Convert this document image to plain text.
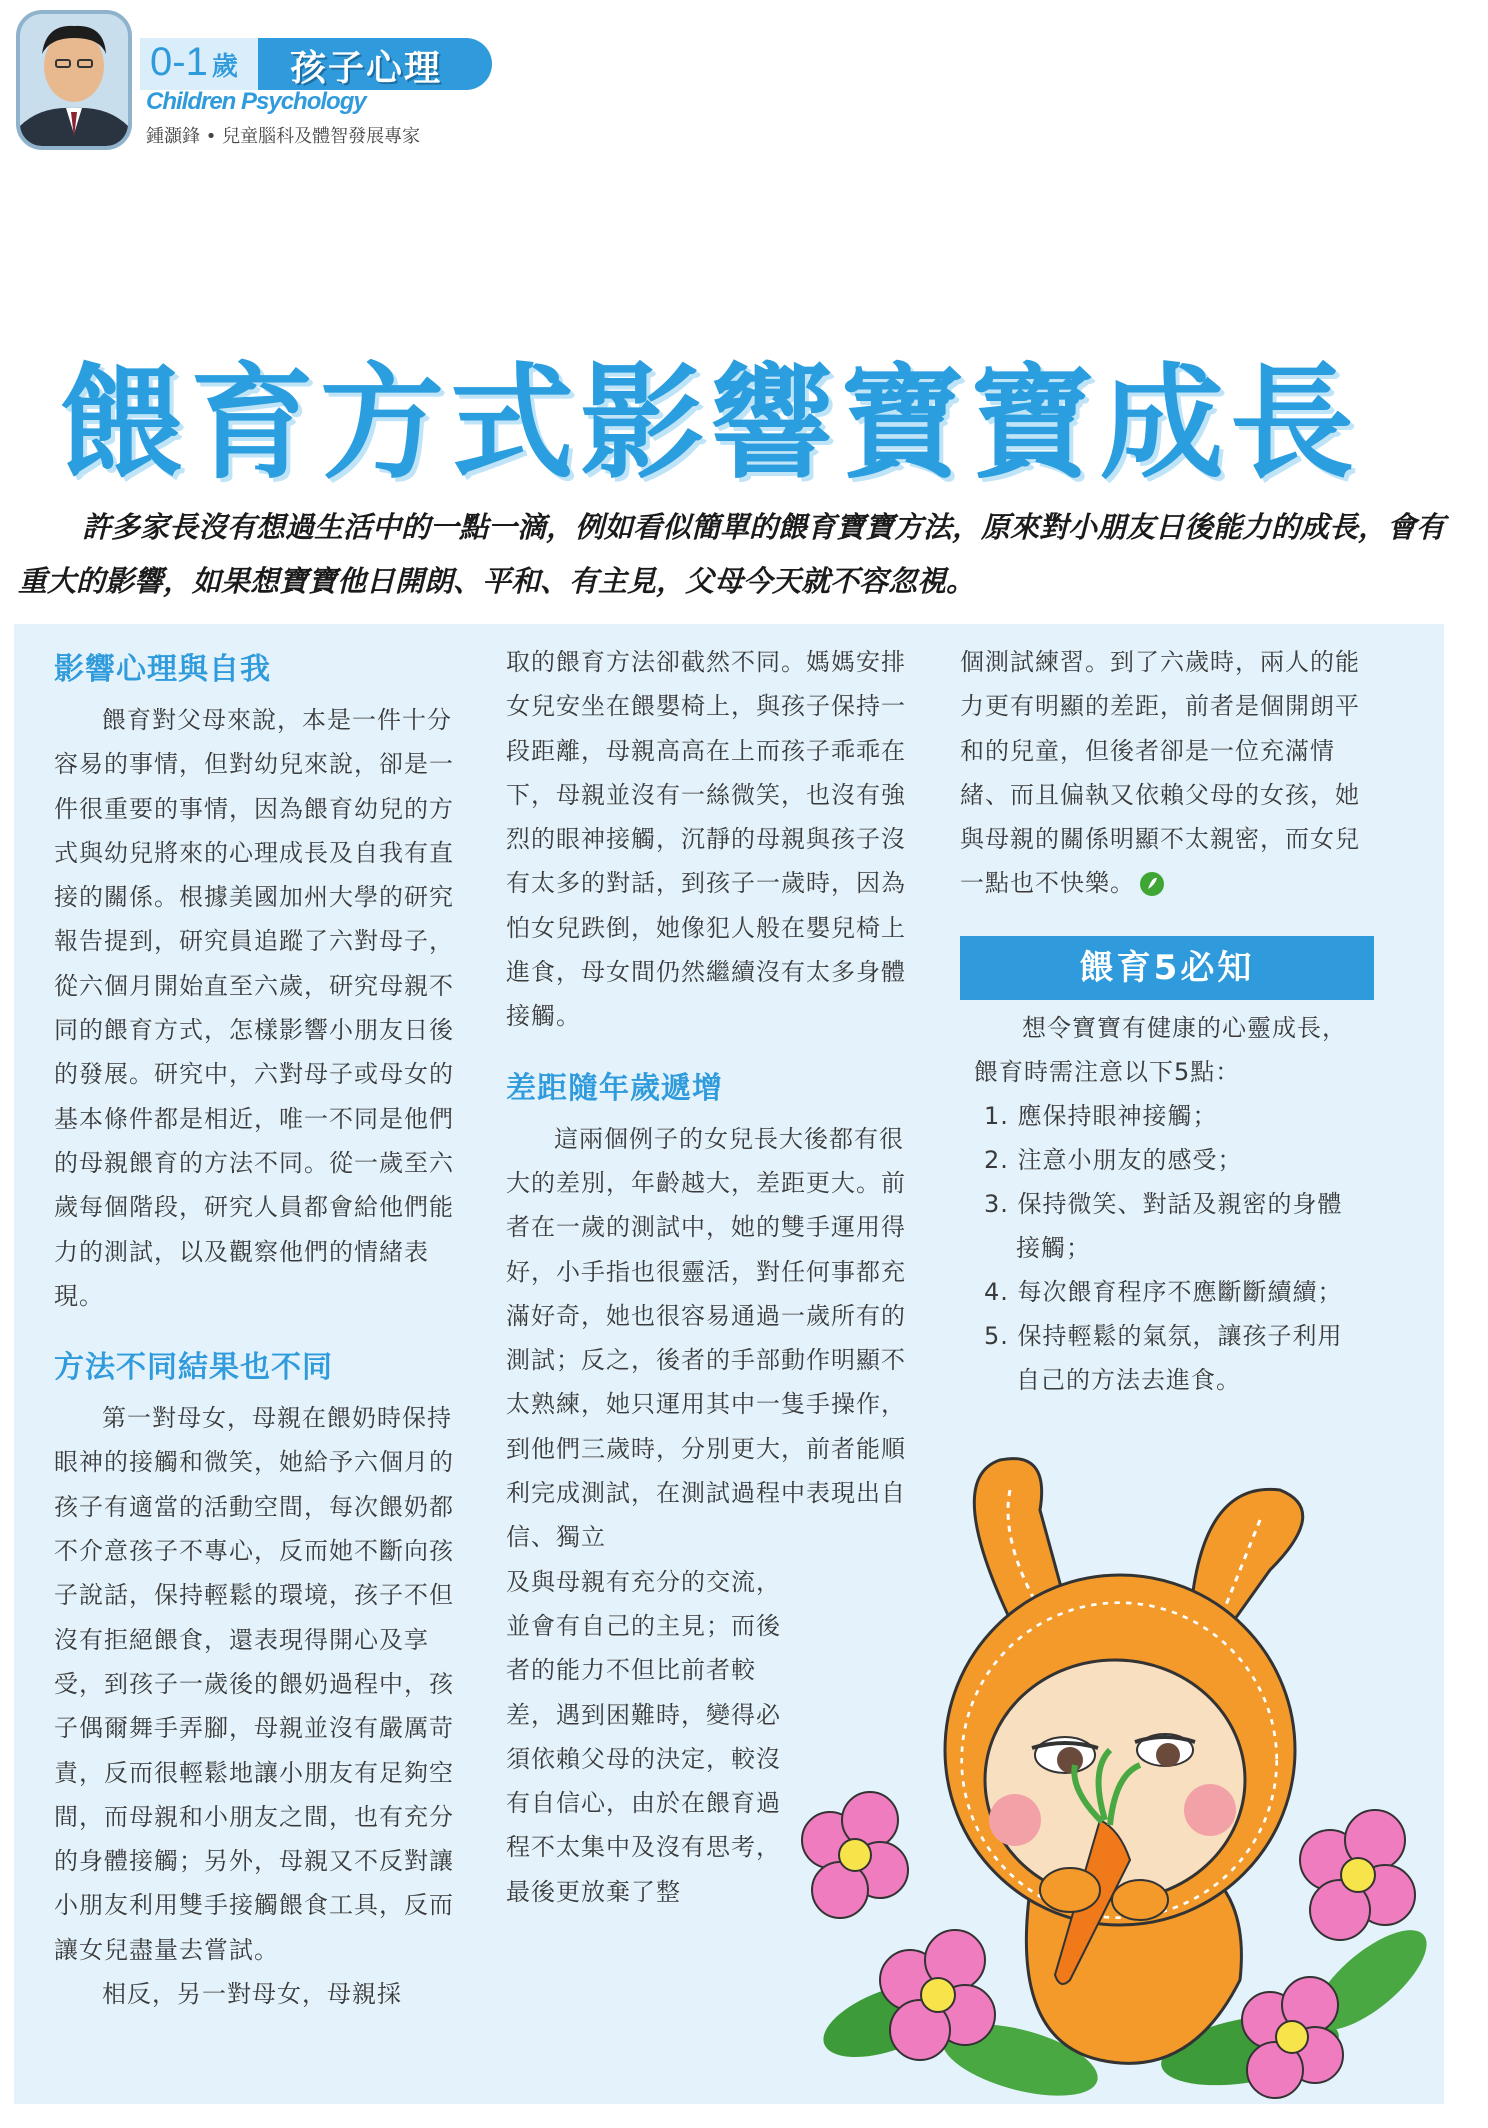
0-1 歲 孩子心理
Children Psychology
鍾灝鋒 • 兒童腦科及體智發展專家
餵育方式影響寶寶成長
許多家長沒有想過生活中的一點一滴，例如看似簡單的餵育寶寶方法，原來對小朋友日後能力的成長，會有重大的影響，如果想寶寶他日開朗、平和、有主見，父母今天就不容忽視。
影響心理與自我

餵育對父母來說，本是一件十分容易的事情，但對幼兒來說，卻是一件很重要的事情，因為餵育幼兒的方式與幼兒將來的心理成長及自我有直接的關係。根據美國加州大學的研究報告提到，研究員追蹤了六對母子，從六個月開始直至六歲，研究母親不同的餵育方式，怎樣影響小朋友日後的發展。研究中，六對母子或母女的基本條件都是相近，唯一不同是他們的母親餵育的方法不同。從一歲至六歲每個階段，研究人員都會給他們能力的測試，以及觀察他們的情緒表現。

方法不同結果也不同

第一對母女，母親在餵奶時保持眼神的接觸和微笑，她給予六個月的孩子有適當的活動空間，每次餵奶都不介意孩子不專心，反而她不斷向孩子說話，保持輕鬆的環境，孩子不但沒有拒絕餵食，還表現得開心及享受，到孩子一歲後的餵奶過程中，孩子偶爾舞手弄腳，母親並沒有嚴厲苛責，反而很輕鬆地讓小朋友有足夠空間，而母親和小朋友之間，也有充分的身體接觸；另外，母親又不反對讓小朋友利用雙手接觸餵食工具，反而讓女兒盡量去嘗試。

相反，另一對母女，母親採

取的餵育方法卻截然不同。媽媽安排女兒安坐在餵嬰椅上，與孩子保持一段距離，母親高高在上而孩子乖乖在下，母親並沒有一絲微笑，也沒有強烈的眼神接觸，沉靜的母親與孩子沒有太多的對話，到孩子一歲時，因為怕女兒跌倒，她像犯人般在嬰兒椅上進食，母女間仍然繼續沒有太多身體接觸。

差距隨年歲遞增

這兩個例子的女兒長大後都有很大的差別，年齡越大，差距更大。前者在一歲的測試中，她的雙手運用得好，小手指也很靈活，對任何事都充滿好奇，她也很容易通過一歲所有的測試；反之，後者的手部動作明顯不太熟練，她只運用其中一隻手操作，到他們三歲時，分別更大，前者能順利完成測試，在測試過程中表現出自信、獨立

及與母親有充分的交流，並會有自己的主見；而後者的能力不但比前者較差，遇到困難時，變得必須依賴父母的決定，較沒有自信心，由於在餵育過程不太集中及沒有思考，最後更放棄了整

個測試練習。到了六歲時，兩人的能力更有明顯的差距，前者是個開朗平和的兒童，但後者卻是一位充滿情緒、而且偏執又依賴父母的女孩，她與母親的關係明顯不太親密，而女兒一點也不快樂。

餵育5必知
想令寶寶有健康的心靈成長，餵育時需注意以下5點：
1. 應保持眼神接觸；
2. 注意小朋友的感受；
3. 保持微笑、對話及親密的身體接觸；
4. 每次餵育程序不應斷斷續續；
5. 保持輕鬆的氣氛，讓孩子利用自己的方法去進食。
